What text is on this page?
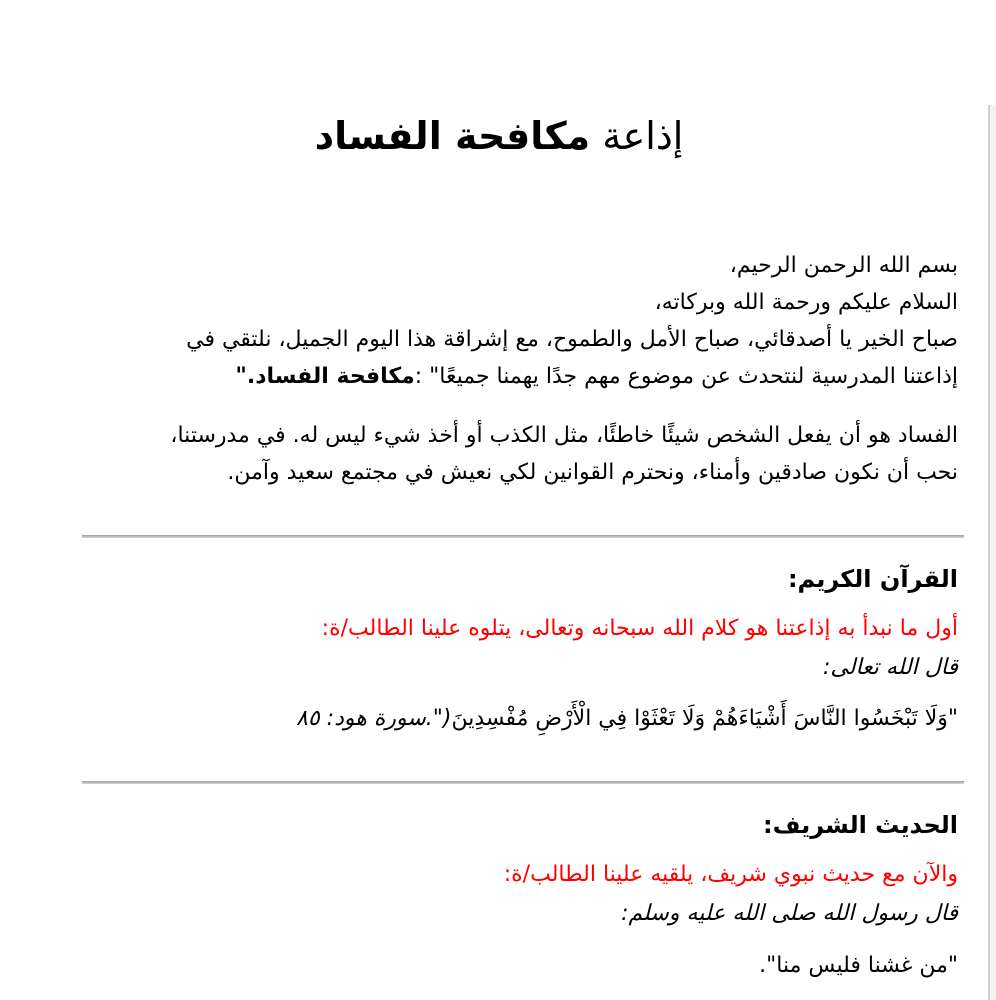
إذاعة مكافحة الفساد

بسم الله الرحمن الرحيم،
السلام عليكم ورحمة الله وبركاته،
صباح الخير يا أصدقائي، صباح الأمل والطموح، مع إشراقة هذا اليوم الجميل، نلتقي في
إذاعتنا المدرسية لنتحدث عن موضوع مهم جدًا يهمنا جميعًا" :مكافحة الفساد."

الفساد هو أن يفعل الشخص شيئًا خاطئًا، مثل الكذب أو أخذ شيء ليس له. في مدرستنا،
نحب أن نكون صادقين وأمناء، ونحترم القوانين لكي نعيش في مجتمع سعيد وآمن.

القرآن الكريم:

أول ما نبدأ به إذاعتنا هو كلام الله سبحانه وتعالى، يتلوه علينا الطالب/ة:

قال الله تعالى:

"وَلَا تَبْخَسُوا النَّاسَ أَشْيَاءَهُمْ وَلَا تَعْثَوْا فِي الْأَرْضِ مُفْسِدِينَ(".سورة هود: ٨٥

الحديث الشريف:

والآن مع حديث نبوي شريف، يلقيه علينا الطالب/ة:

قال رسول الله صلى الله عليه وسلم:

"من غشنا فليس منا".
